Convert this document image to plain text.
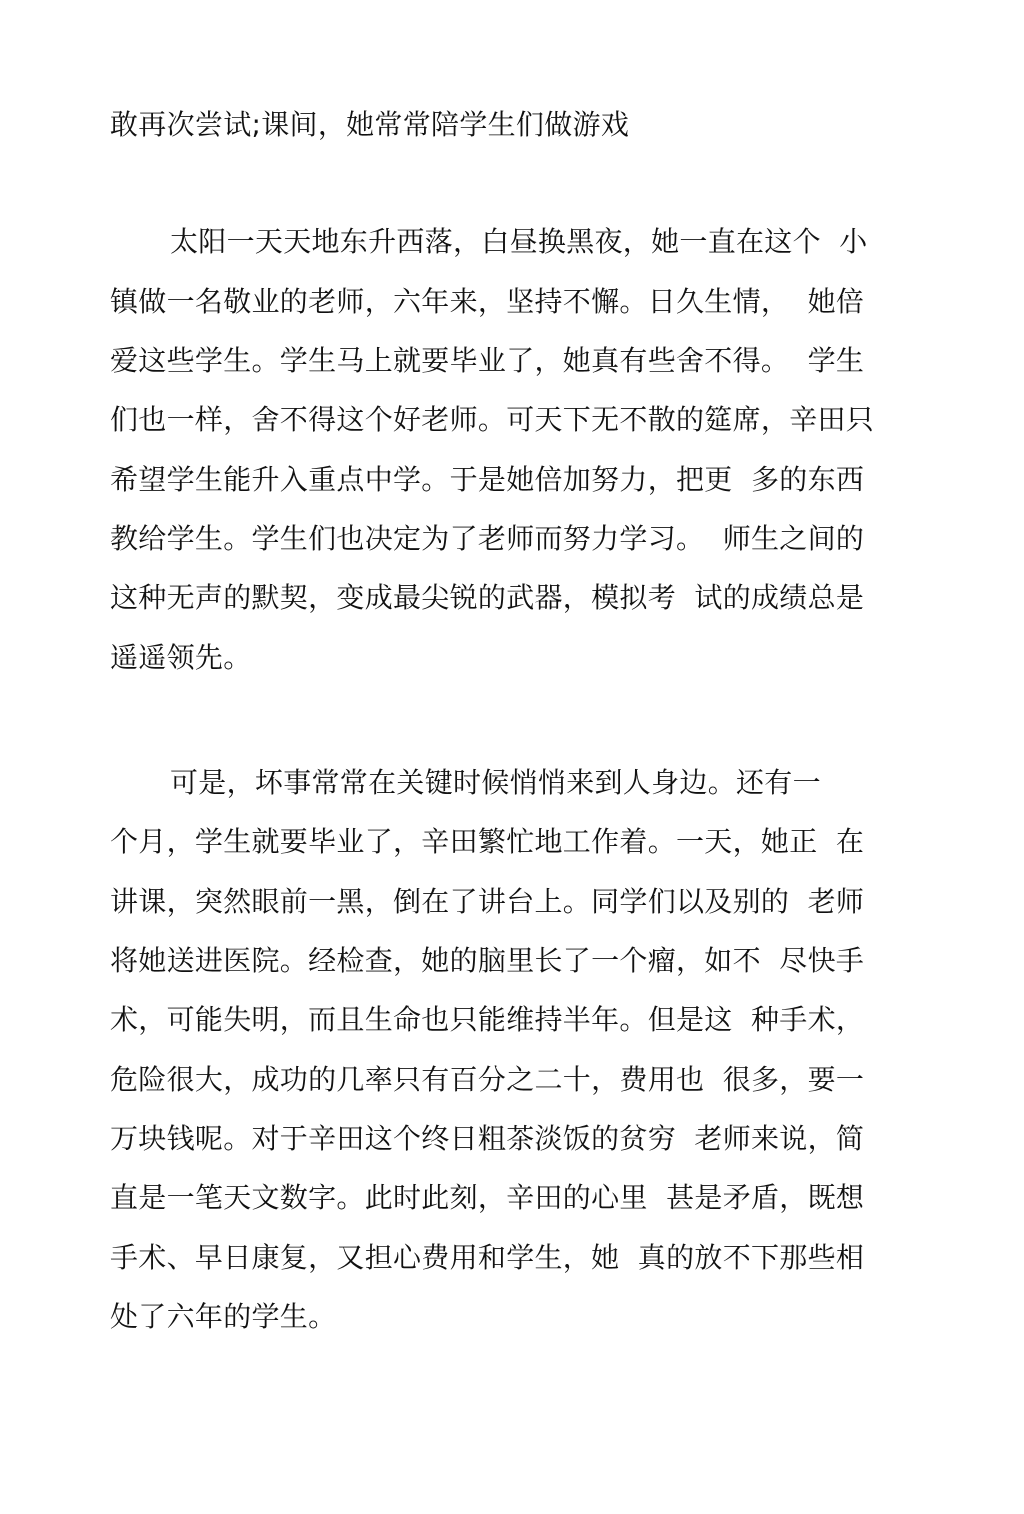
敢再次尝试;课间，她常常陪学生们做游戏
太阳一天天地东升西落，白昼换黑夜，她一直在这个  小
镇做一名敬业的老师，六年来，坚持不懈。日久生情，  她倍
爱这些学生。学生马上就要毕业了，她真有些舍不得。  学生
们也一样，舍不得这个好老师。可天下无不散的筵席，辛田只
希望学生能升入重点中学。于是她倍加努力，把更  多的东西
教给学生。学生们也决定为了老师而努力学习。  师生之间的
这种无声的默契，变成最尖锐的武器，模拟考  试的成绩总是
遥遥领先。
可是，坏事常常在关键时候悄悄来到人身边。还有一
个月，学生就要毕业了，辛田繁忙地工作着。一天，她正  在
讲课，突然眼前一黑，倒在了讲台上。同学们以及别的  老师
将她送进医院。经检查，她的脑里长了一个瘤，如不  尽快手
术，可能失明，而且生命也只能维持半年。但是这  种手术，
危险很大，成功的几率只有百分之二十，费用也  很多，要一
万块钱呢。对于辛田这个终日粗茶淡饭的贫穷  老师来说，简
直是一笔天文数字。此时此刻，辛田的心里  甚是矛盾，既想
手术、早日康复，又担心费用和学生，她  真的放不下那些相
处了六年的学生。
